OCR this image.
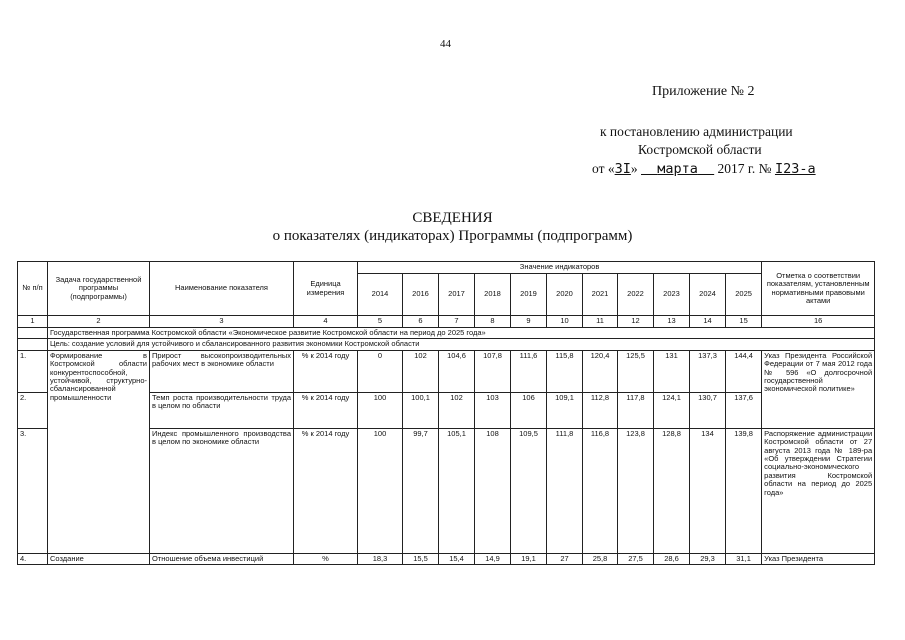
44
Приложение № 2
к постановлению администрации
Костромской области
от «3I» марта 2017 г. № I23-а
СВЕДЕНИЯ
о показателях (индикаторах) Программы (подпрограмм)
№ п/п	Задача государственной программы (подпрограммы)	Наименование показателя	Единица измерения	Значение индикаторов											Отметка о соответствии показателям, установленным нормативными правовыми актами
				2014	2016	2017	2018	2019	2020	2021	2022	2023	2024	2025	
1	2	3	4	5	6	7	8	9	10	11	12	13	14	15	16
	Государственная программа Костромской области «Экономическое развитие Костромской области на период до 2025 года»														
	Цель: создание условий для устойчивого и сбалансированного развития экономики Костромской области														
1.	Формирование в Костромской области конкурентоспособной, устойчивой, структурно-сбалансированной промышленности	Прирост высокопроизводительных рабочих мест в экономике области	% к 2014 году	0	102	104,6	107,8	111,6	115,8	120,4	125,5	131	137,3	144,4	Указ Президента Российской Федерации от 7 мая 2012 года № 596 «О долгосрочной государственной экономической политике»
2.		Темп роста производительности труда в целом по области	% к 2014 году	100	100,1	102	103	106	109,1	112,8	117,8	124,1	130,7	137,6	
3.		Индекс промышленного производства в целом по экономике области	% к 2014 году	100	99,7	105,1	108	109,5	111,8	116,8	123,8	128,8	134	139,8	Распоряжение администрации Костромской области от 27 августа 2013 года № 189-ра «Об утверждении Стратегии социально-экономического развития Костромской области на период до 2025 года»
4.	Создание	Отношение объема инвестиций	%	18,3	15,5	15,4	14,9	19,1	27	25,8	27,5	28,6	29,3	31,1	Указ Президента
